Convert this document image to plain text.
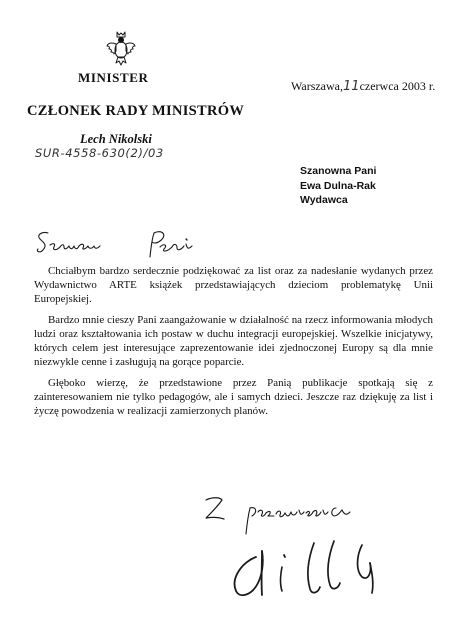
MINISTER
Warszawa,11czerwca 2003 r.
CZŁONEK RADY MINISTRÓW
Lech Nikolski
SUR-4558-630(2)/03
Szanowna Pani
Ewa Dulna-Rak
Wydawca

Chciałbym bardzo serdecznie podziękować za list oraz za nadesłanie wydanych przez Wydawnictwo ARTE książek przedstawiających dzieciom problematykę Unii Europejskiej.

Bardzo mnie cieszy Pani zaangażowanie w działalność na rzecz informowania młodych ludzi oraz kształtowania ich postaw w duchu integracji europejskiej. Wszelkie inicjatywy, których celem jest interesujące zaprezentowanie idei zjednoczonej Europy są dla mnie niezwykle cenne i zasługują na gorące poparcie.

Głęboko wierzę, że przedstawione przez Panią publikacje spotkają się z zainteresowaniem nie tylko pedagogów, ale i samych dzieci. Jeszcze raz dziękuję za list i życzę powodzenia w realizacji zamierzonych planów.
